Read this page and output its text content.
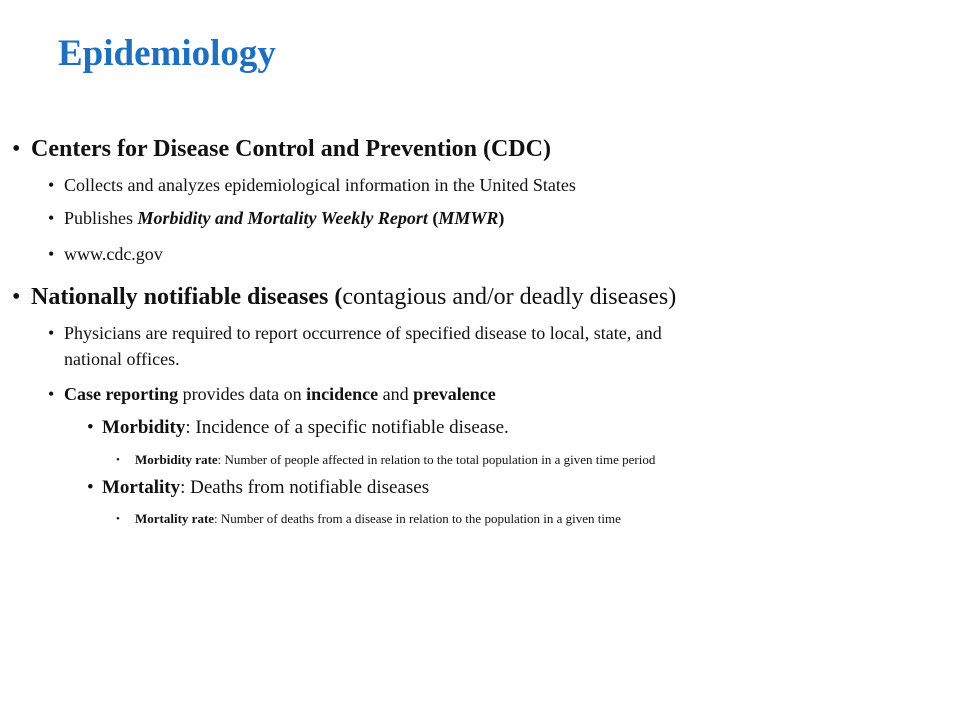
Epidemiology
• Centers for Disease Control and Prevention (CDC)
• Collects and analyzes epidemiological information in the United States
• Publishes Morbidity and Mortality Weekly Report (MMWR)
• www.cdc.gov
• Nationally notifiable diseases (contagious and/or deadly diseases)
• Physicians are required to report occurrence of specified disease to local, state, and
national offices.
• Case reporting provides data on incidence and prevalence
• Morbidity: Incidence of a specific notifiable disease.
• Morbidity rate: Number of people affected in relation to the total population in a given time period
• Mortality: Deaths from notifiable diseases
• Mortality rate: Number of deaths from a disease in relation to the population in a given time
